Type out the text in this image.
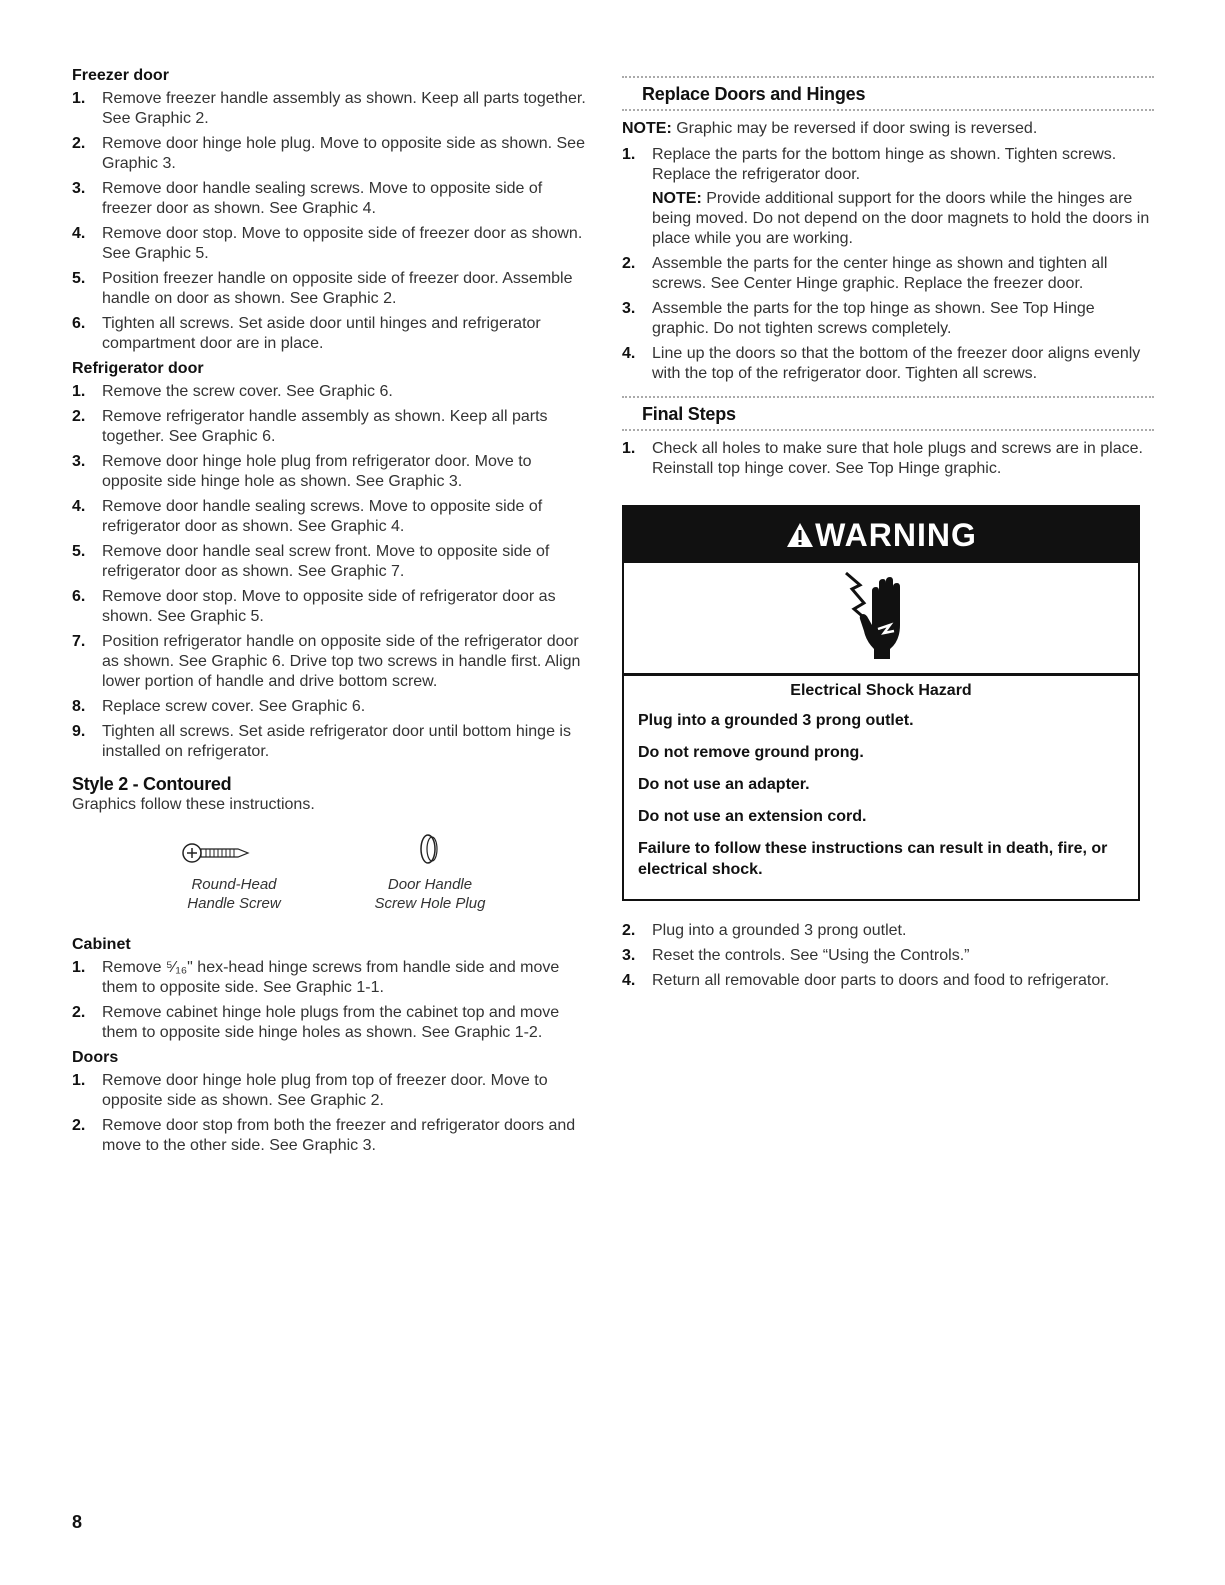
Freezer door
1. Remove freezer handle assembly as shown. Keep all parts together. See Graphic 2.
2. Remove door hinge hole plug. Move to opposite side as shown. See Graphic 3.
3. Remove door handle sealing screws. Move to opposite side of freezer door as shown. See Graphic 4.
4. Remove door stop. Move to opposite side of freezer door as shown. See Graphic 5.
5. Position freezer handle on opposite side of freezer door. Assemble handle on door as shown. See Graphic 2.
6. Tighten all screws. Set aside door until hinges and refrigerator compartment door are in place.
Refrigerator door
1. Remove the screw cover. See Graphic 6.
2. Remove refrigerator handle assembly as shown. Keep all parts together. See Graphic 6.
3. Remove door hinge hole plug from refrigerator door. Move to opposite side hinge hole as shown. See Graphic 3.
4. Remove door handle sealing screws. Move to opposite side of refrigerator door as shown. See Graphic 4.
5. Remove door handle seal screw front. Move to opposite side of refrigerator door as shown. See Graphic 7.
6. Remove door stop. Move to opposite side of refrigerator door as shown. See Graphic 5.
7. Position refrigerator handle on opposite side of the refrigerator door as shown. See Graphic 6. Drive top two screws in handle first. Align lower portion of handle and drive bottom screw.
8. Replace screw cover. See Graphic 6.
9. Tighten all screws. Set aside refrigerator door until bottom hinge is installed on refrigerator.
Style 2 - Contoured

Graphics follow these instructions.

Round-Head
Handle Screw
Door Handle
Screw Hole Plug
Cabinet
1. Remove ⁵⁄₁₆" hex-head hinge screws from handle side and move them to opposite side. See Graphic 1-1.
2. Remove cabinet hinge hole plugs from the cabinet top and move them to opposite side hinge holes as shown. See Graphic 1-2.
Doors
1. Remove door hinge hole plug from top of freezer door. Move to opposite side as shown. See Graphic 2.
2. Remove door stop from both the freezer and refrigerator doors and move to the other side. See Graphic 3.
Replace Doors and Hinges

NOTE: Graphic may be reversed if door swing is reversed.

1. Replace the parts for the bottom hinge as shown. Tighten screws. Replace the refrigerator door.
NOTE: Provide additional support for the doors while the hinges are being moved. Do not depend on the door magnets to hold the doors in place while you are working.
2. Assemble the parts for the center hinge as shown and tighten all screws. See Center Hinge graphic. Replace the freezer door.
3. Assemble the parts for the top hinge as shown. See Top Hinge graphic. Do not tighten screws completely.
4. Line up the doors so that the bottom of the freezer door aligns evenly with the top of the refrigerator door. Tighten all screws.
Final Steps
1. Check all holes to make sure that hole plugs and screws are in place. Reinstall top hinge cover. See Top Hinge graphic.
WARNING
Electrical Shock Hazard
Plug into a grounded 3 prong outlet.
Do not remove ground prong.
Do not use an adapter.
Do not use an extension cord.
Failure to follow these instructions can result in death, fire, or electrical shock.
2. Plug into a grounded 3 prong outlet.
3. Reset the controls. See “Using the Controls.”
4. Return all removable door parts to doors and food to refrigerator.
8
